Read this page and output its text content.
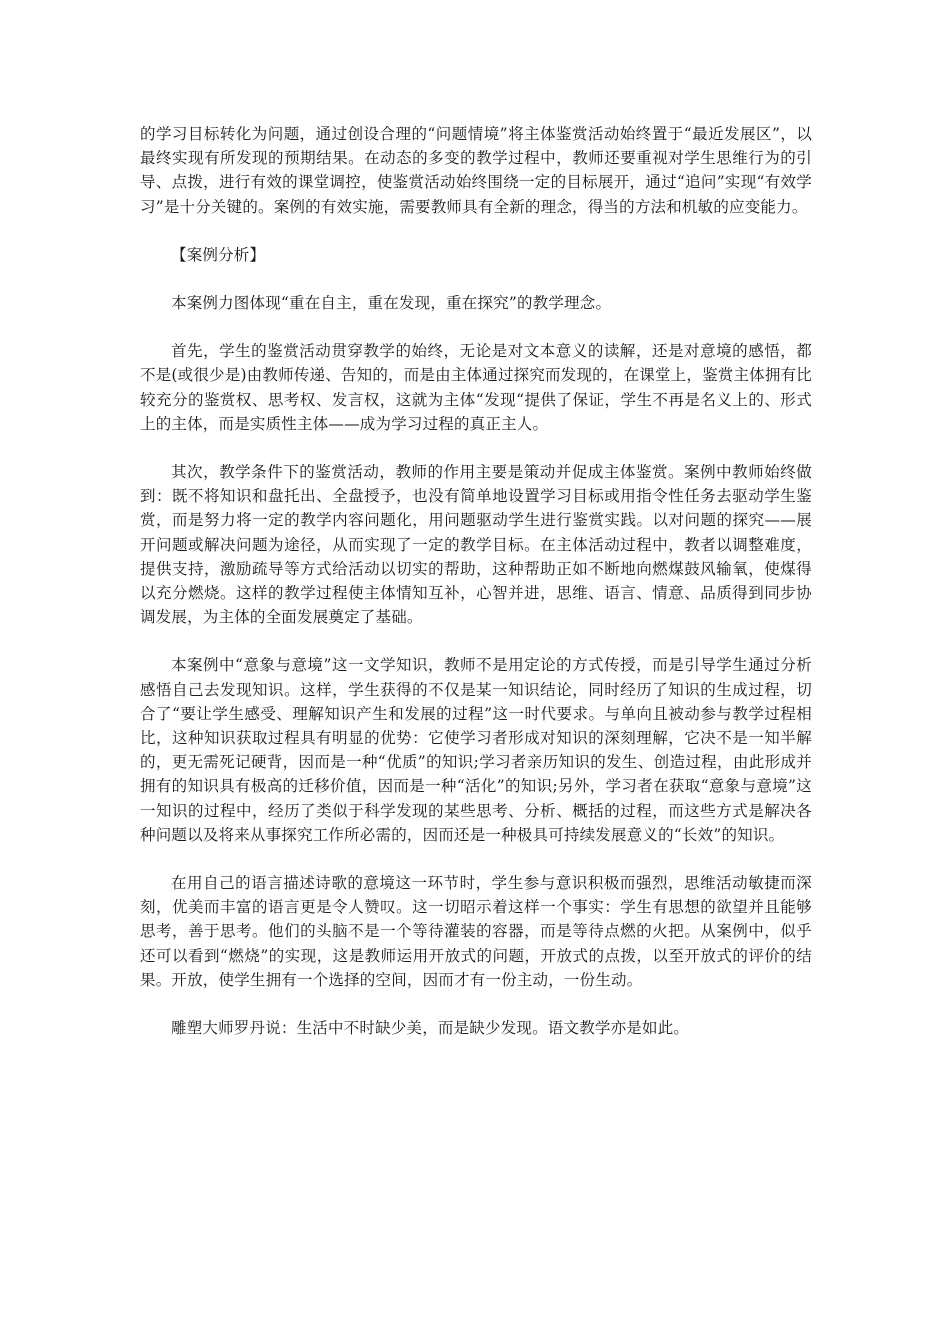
的学习目标转化为问题，通过创设合理的“问题情境”将主体鉴赏活动始终置于“最近发展区”，以最终实现有所发现的预期结果。在动态的多变的教学过程中，教师还要重视对学生思维行为的引导、点拨，进行有效的课堂调控，使鉴赏活动始终围绕一定的目标展开，通过“追问”实现“有效学习”是十分关键的。案例的有效实施，需要教师具有全新的理念，得当的方法和机敏的应变能力。

【案例分析】

本案例力图体现“重在自主，重在发现，重在探究”的教学理念。

首先，学生的鉴赏活动贯穿教学的始终，无论是对文本意义的读解，还是对意境的感悟，都不是(或很少是)由教师传递、告知的，而是由主体通过探究而发现的，在课堂上，鉴赏主体拥有比较充分的鉴赏权、思考权、发言权，这就为主体“发现“提供了保证，学生不再是名义上的、形式上的主体，而是实质性主体——成为学习过程的真正主人。

其次，教学条件下的鉴赏活动，教师的作用主要是策动并促成主体鉴赏。案例中教师始终做到：既不将知识和盘托出、全盘授予，也没有简单地设置学习目标或用指令性任务去驱动学生鉴赏，而是努力将一定的教学内容问题化，用问题驱动学生进行鉴赏实践。以对问题的探究——展开问题或解决问题为途径，从而实现了一定的教学目标。在主体活动过程中，教者以调整难度，提供支持，激励疏导等方式给活动以切实的帮助，这种帮助正如不断地向燃煤鼓风输氧，使煤得以充分燃烧。这样的教学过程使主体情知互补，心智并进，思维、语言、情意、品质得到同步协调发展，为主体的全面发展奠定了基础。

本案例中“意象与意境”这一文学知识，教师不是用定论的方式传授，而是引导学生通过分析感悟自己去发现知识。这样，学生获得的不仅是某一知识结论，同时经历了知识的生成过程，切合了“要让学生感受、理解知识产生和发展的过程”这一时代要求。与单向且被动参与教学过程相比，这种知识获取过程具有明显的优势：它使学习者形成对知识的深刻理解，它决不是一知半解的，更无需死记硬背，因而是一种“优质”的知识;学习者亲历知识的发生、创造过程，由此形成并拥有的知识具有极高的迁移价值，因而是一种“活化”的知识;另外，学习者在获取“意象与意境”这一知识的过程中，经历了类似于科学发现的某些思考、分析、概括的过程，而这些方式是解决各种问题以及将来从事探究工作所必需的，因而还是一种极具可持续发展意义的“长效”的知识。

在用自己的语言描述诗歌的意境这一环节时，学生参与意识积极而强烈，思维活动敏捷而深刻，优美而丰富的语言更是令人赞叹。这一切昭示着这样一个事实：学生有思想的欲望并且能够思考，善于思考。他们的头脑不是一个等待灌装的容器，而是等待点燃的火把。从案例中，似乎还可以看到“燃烧”的实现，这是教师运用开放式的问题，开放式的点拨，以至开放式的评价的结果。开放，使学生拥有一个选择的空间，因而才有一份主动，一份生动。

雕塑大师罗丹说：生活中不时缺少美，而是缺少发现。语文教学亦是如此。
